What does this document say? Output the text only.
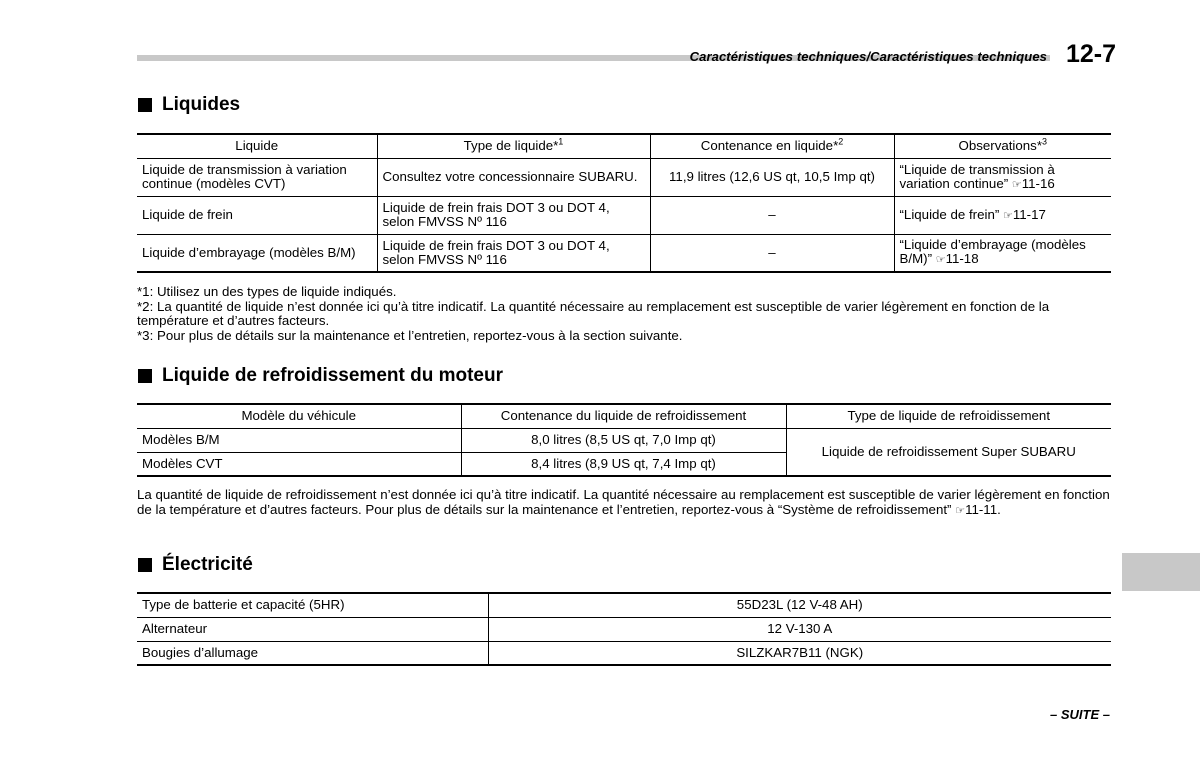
Caractéristiques techniques/Caractéristiques techniques 12-7
Liquides
Liquide	Type de liquide*$^1$	Contenance en liquide*$^2$	Observations*$^3$
Liquide de transmission à variation continue (modèles CVT)	Consultez votre concessionnaire SUBARU.	11,9 litres (12,6 US qt, 10,5 Imp qt)	“Liquide de transmission à variation continue” ☞11-16
Liquide de frein	Liquide de frein frais DOT 3 ou DOT 4, selon FMVSS Nº 116	–	“Liquide de frein” ☞11-17
Liquide d’embrayage (modèles B/M)	Liquide de frein frais DOT 3 ou DOT 4, selon FMVSS Nº 116	–	“Liquide d’embrayage (modèles B/M)” ☞11-18
*1: Utilisez un des types de liquide indiqués.
*2: La quantité de liquide n’est donnée ici qu’à titre indicatif. La quantité nécessaire au remplacement est susceptible de varier légèrement en fonction de la température et d’autres facteurs.
*3: Pour plus de détails sur la maintenance et l’entretien, reportez-vous à la section suivante.
Liquide de refroidissement du moteur
Modèle du véhicule	Contenance du liquide de refroidissement	Type de liquide de refroidissement
Modèles B/M	8,0 litres (8,5 US qt, 7,0 Imp qt)	Liquide de refroidissement Super SUBARU
Modèles CVT	8,4 litres (8,9 US qt, 7,4 Imp qt)	
La quantité de liquide de refroidissement n’est donnée ici qu’à titre indicatif. La quantité nécessaire au remplacement est susceptible de varier légèrement en fonction de la température et d’autres facteurs. Pour plus de détails sur la maintenance et l’entretien, reportez-vous à “Système de refroidissement” ☞11-11.
Électricité
Type de batterie et capacité (5HR)	55D23L (12 V-48 AH)
Alternateur	12 V-130 A
Bougies d’allumage	SILZKAR7B11 (NGK)
– SUITE –
